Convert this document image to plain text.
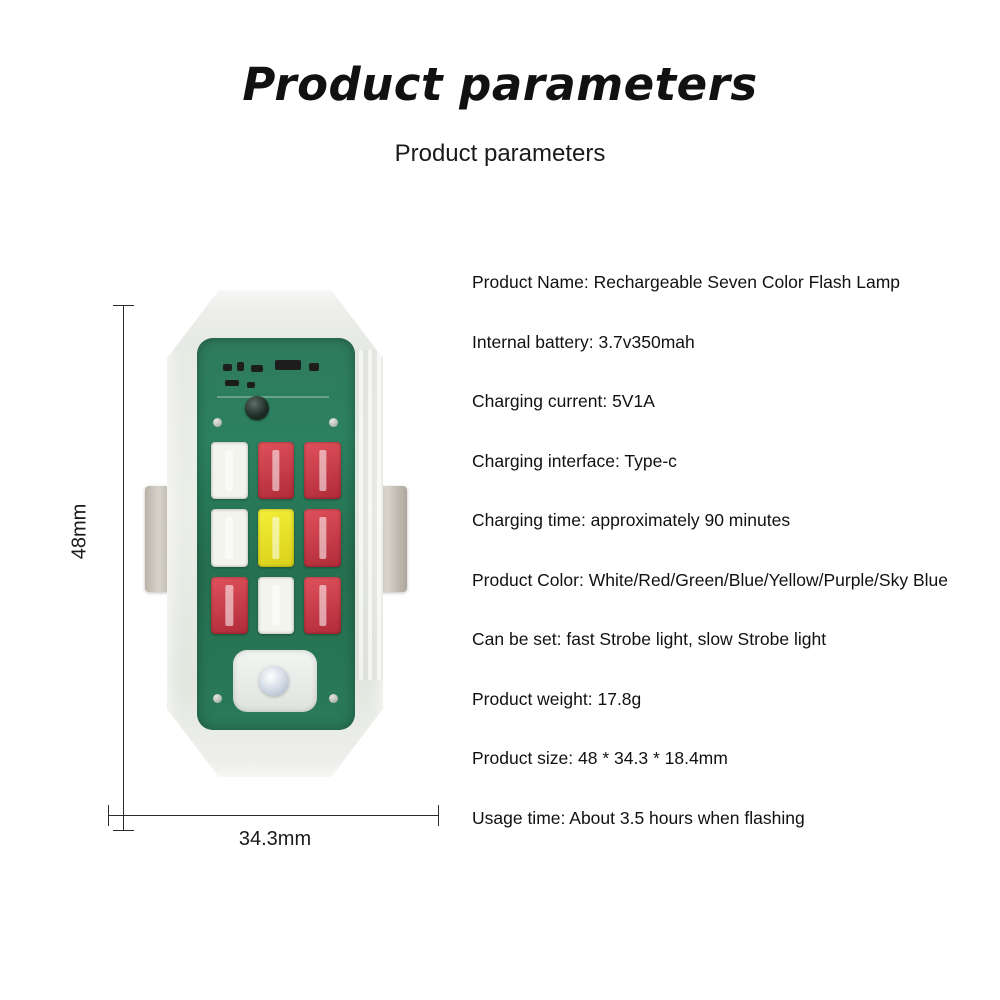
Product parameters
Product parameters
48mm
34.3mm
Product Name: Rechargeable Seven Color Flash Lamp
Internal battery: 3.7v350mah
Charging current: 5V1A
Charging interface: Type-c
Charging time: approximately 90 minutes
Product Color: White/Red/Green/Blue/Yellow/Purple/Sky Blue
Can be set: fast Strobe light, slow Strobe light
Product weight: 17.8g
Product size: 48 * 34.3 * 18.4mm
Usage time: About 3.5 hours when flashing
